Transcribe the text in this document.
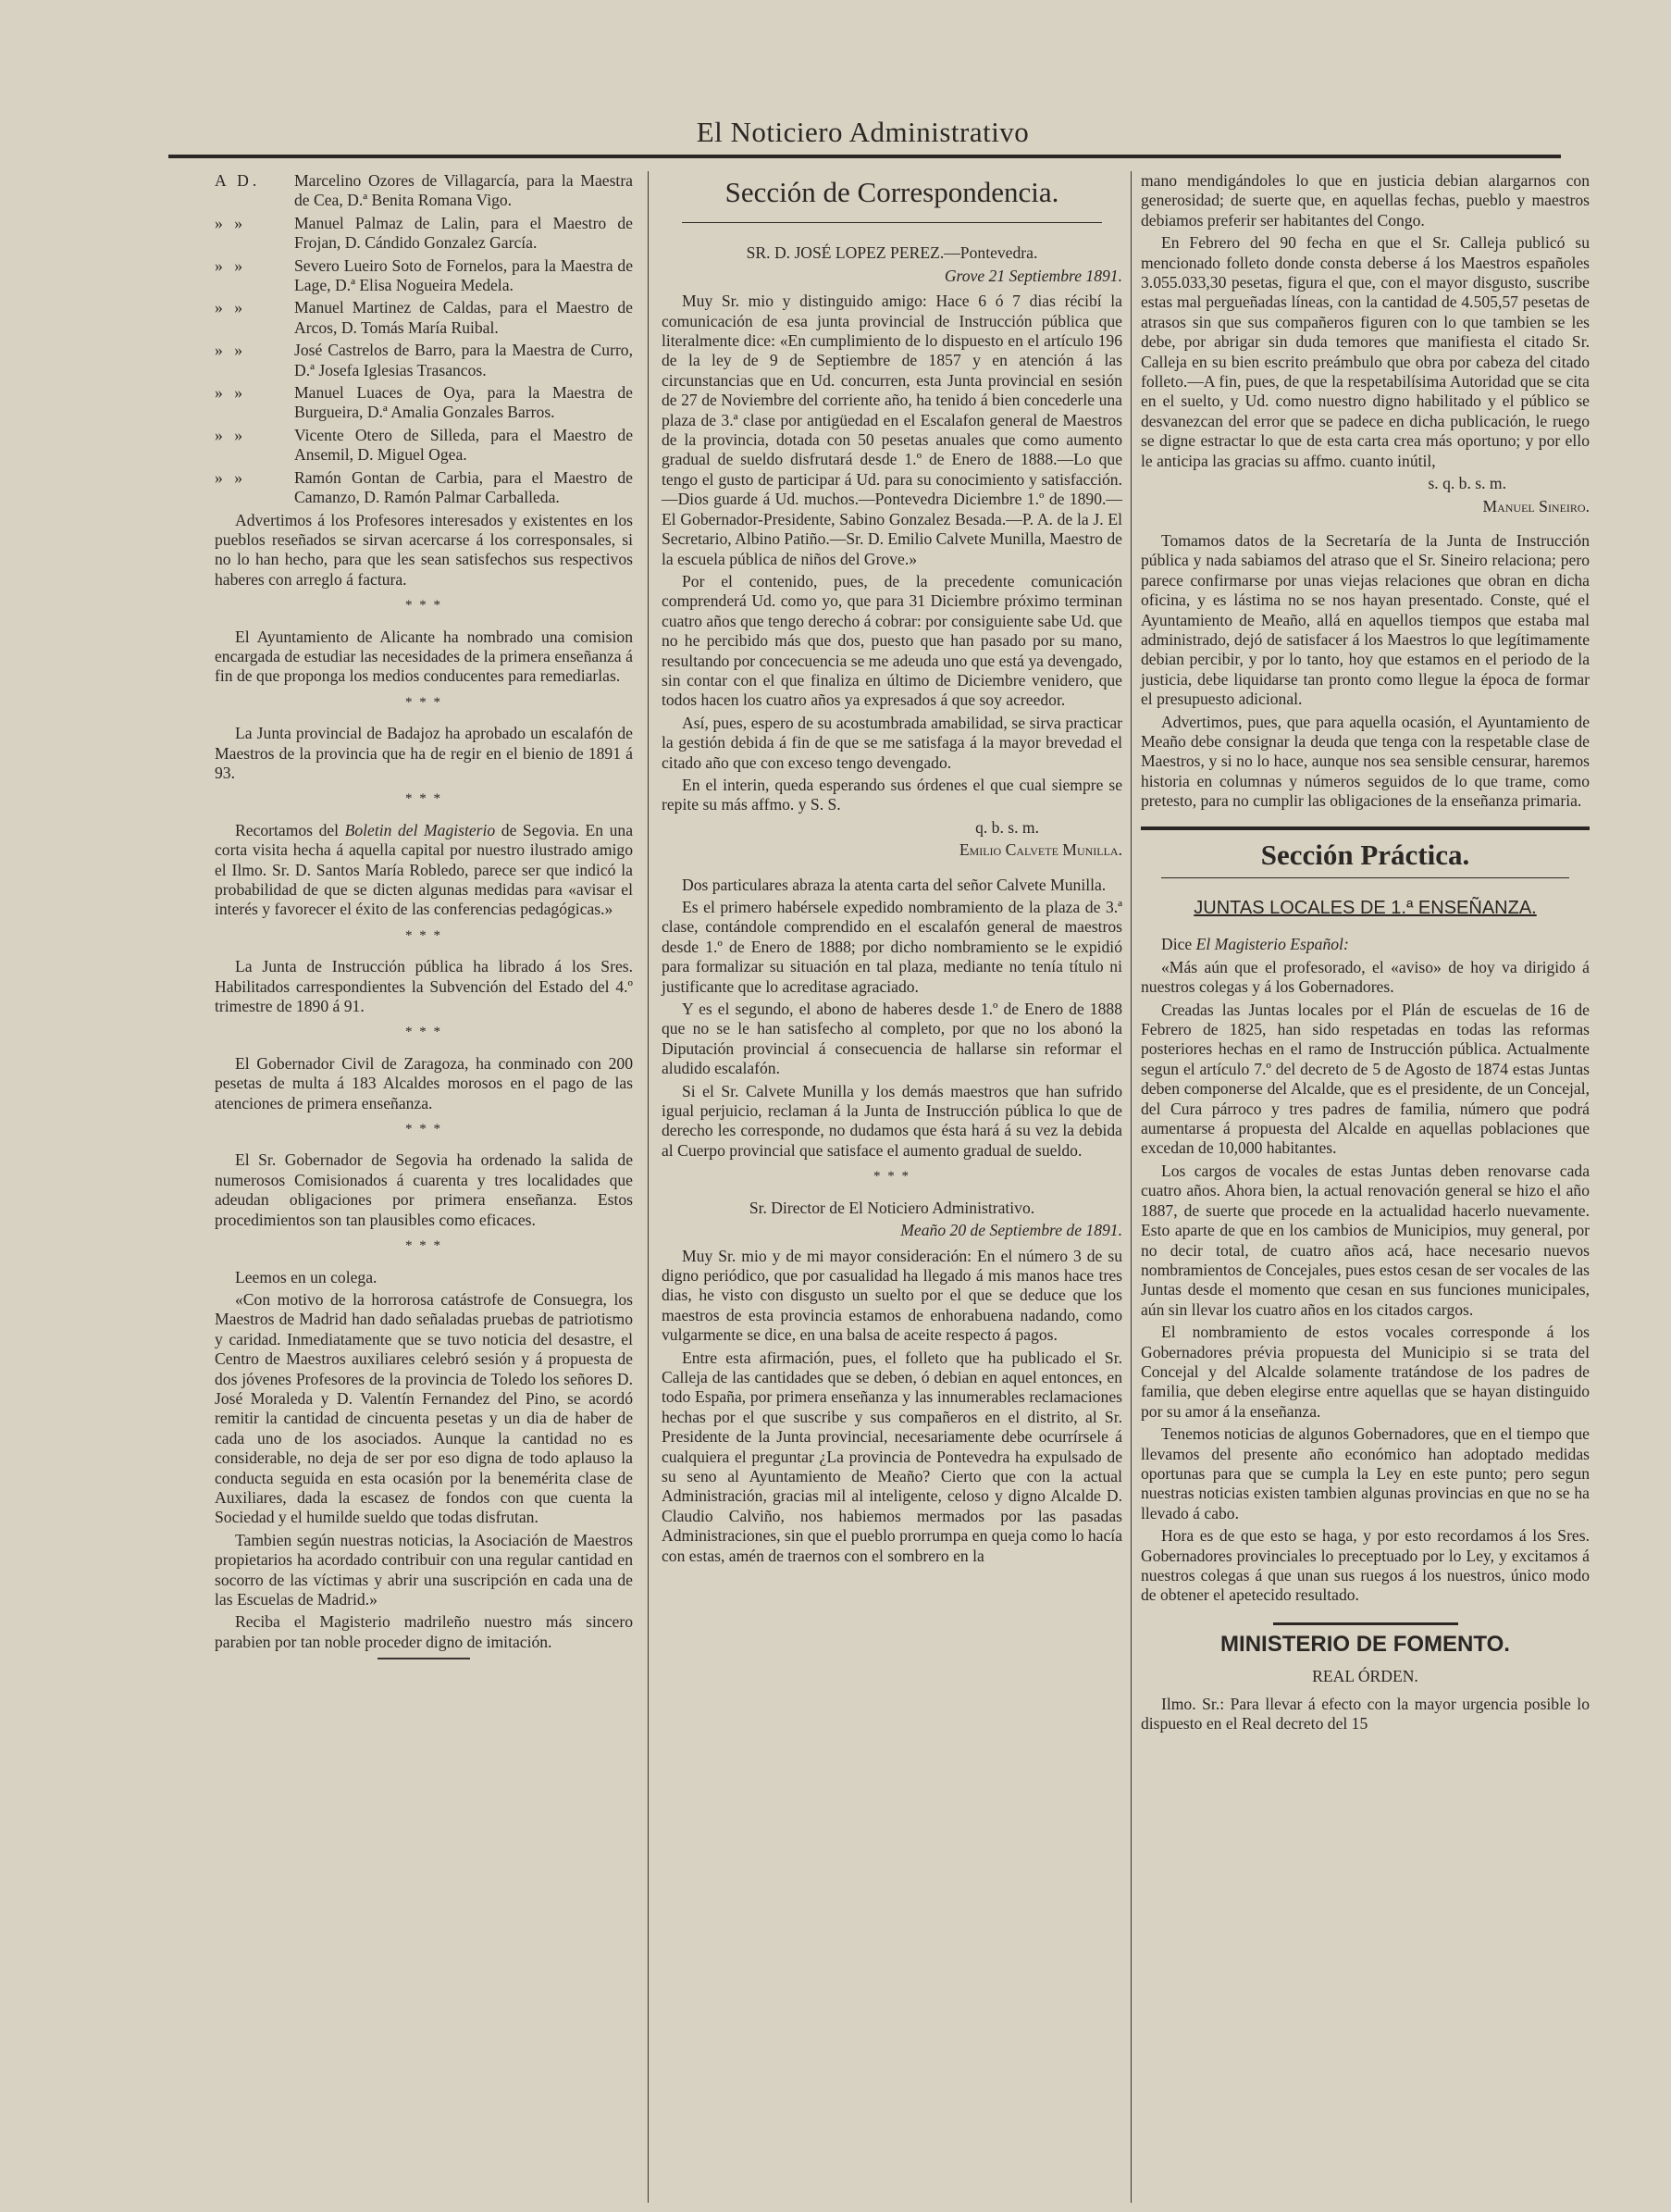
El Noticiero Administrativo
A D. Marcelino Ozores de Villagarcía, para la Maestra de Cea, D.ª Benita Romana Vigo.
» »	Manuel Palmaz de Lalin, para el Maestro de Frojan, D. Cándido Gonzalez García.
» »	Severo Lueiro Soto de Fornelos, para la Maestra de Lage, D.ª Elisa Nogueira Medela.
» »	Manuel Martinez de Caldas, para el Maestro de Arcos, D. Tomás María Ruibal.
» »	José Castrelos de Barro, para la Maestra de Curro, D.ª Josefa Iglesias Trasancos.
» »	Manuel Luaces de Oya, para la Maestra de Burgueira, D.ª Amalia Gonzales Barros.
» »	Vicente Otero de Silleda, para el Maestro de Ansemil, D. Miguel Ogea.
» »	Ramón Gontan de Carbia, para el Maestro de Camanzo, D. Ramón Palmar Carballeda.

Advertimos á los Profesores interesados y existentes en los pueblos reseñados se sirvan acercarse á los corresponsales, si no lo han hecho, para que les sean satisfechos sus respectivos haberes con arreglo á factura.

* * *

El Ayuntamiento de Alicante ha nombrado una comision encargada de estudiar las necesidades de la primera enseñanza á fin de que proponga los medios conducentes para remediarlas.

* * *

La Junta provincial de Badajoz ha aprobado un escalafón de Maestros de la provincia que ha de regir en el bienio de 1891 á 93.

* * *

Recortamos del Boletin del Magisterio de Segovia. En una corta visita hecha á aquella capital por nuestro ilustrado amigo el Ilmo. Sr. D. Santos María Robledo, parece ser que indicó la probabilidad de que se dicten algunas medidas para «avisar el interés y favorecer el éxito de las conferencias pedagógicas.»

* * *

La Junta de Instrucción pública ha librado á los Sres. Habilitados carrespondientes la Subvención del Estado del 4.º trimestre de 1890 á 91.

* * *

El Gobernador Civil de Zaragoza, ha conminado con 200 pesetas de multa á 183 Alcaldes morosos en el pago de las atenciones de primera enseñanza.

* * *

El Sr. Gobernador de Segovia ha ordenado la salida de numerosos Comisionados á cuarenta y tres localidades que adeudan obligaciones por primera enseñanza. Estos procedimientos son tan plausibles como eficaces.

* * *

Leemos en un colega.

«Con motivo de la horrorosa catástrofe de Consuegra, los Maestros de Madrid han dado señaladas pruebas de patriotismo y caridad. Inmediatamente que se tuvo noticia del desastre, el Centro de Maestros auxiliares celebró sesión y á propuesta de dos jóvenes Profesores de la provincia de Toledo los señores D. José Moraleda y D. Valentín Fernandez del Pino, se acordó remitir la cantidad de cincuenta pesetas y un dia de haber de cada uno de los asociados. Aunque la cantidad no es considerable, no deja de ser por eso digna de todo aplauso la conducta seguida en esta ocasión por la benemérita clase de Auxiliares, dada la escasez de fondos con que cuenta la Sociedad y el humilde sueldo que todas disfrutan.

Tambien según nuestras noticias, la Asociación de Maestros propietarios ha acordado contribuir con una regular cantidad en socorro de las víctimas y abrir una suscripción en cada una de las Escuelas de Madrid.»

Reciba el Magisterio madrileño nuestro más sincero parabien por tan noble proceder digno de imitación.

Sección de Correspondencia.

SR. D. JOSÉ LOPEZ PEREZ.—Pontevedra.

Grove 21 Septiembre 1891.

Muy Sr. mio y distinguido amigo: Hace 6 ó 7 dias récibí la comunicación de esa junta provincial de Instrucción pública que literalmente dice: «En cumplimiento de lo dispuesto en el artículo 196 de la ley de 9 de Septiembre de 1857 y en atención á las circunstancias que en Ud. concurren, esta Junta provincial en sesión de 27 de Noviembre del corriente año, ha tenido á bien concederle una plaza de 3.ª clase por antigüedad en el Escalafon general de Maestros de la provincia, dotada con 50 pesetas anuales que como aumento gradual de sueldo disfrutará desde 1.º de Enero de 1888.—Lo que tengo el gusto de participar á Ud. para su conocimiento y satisfacción.—Dios guarde á Ud. muchos.—Pontevedra Diciembre 1.º de 1890.—El Gobernador-Presidente, Sabino Gonzalez Besada.—P. A. de la J. El Secretario, Albino Patiño.—Sr. D. Emilio Calvete Munilla, Maestro de la escuela pública de niños del Grove.»

Por el contenido, pues, de la precedente comunicación comprenderá Ud. como yo, que para 31 Diciembre próximo terminan cuatro años que tengo derecho á cobrar: por consiguiente sabe Ud. que no he percibido más que dos, puesto que han pasado por su mano, resultando por concecuencia se me adeuda uno que está ya devengado, sin contar con el que finaliza en último de Diciembre venidero, que todos hacen los cuatro años ya expresados á que soy acreedor.

Así, pues, espero de su acostumbrada amabilidad, se sirva practicar la gestión debida á fin de que se me satisfaga á la mayor brevedad el citado año que con exceso tengo devengado.

En el interin, queda esperando sus órdenes el que cual siempre se repite su más affmo. y S. S.

q. b. s. m.

Emilio Calvete Munilla.

Dos particulares abraza la atenta carta del señor Calvete Munilla.

Es el primero habérsele expedido nombramiento de la plaza de 3.ª clase, contándole comprendido en el escalafón general de maestros desde 1.º de Enero de 1888; por dicho nombramiento se le expidió para formalizar su situación en tal plaza, mediante no tenía título ni justificante que lo acreditase agraciado.

Y es el segundo, el abono de haberes desde 1.º de Enero de 1888 que no se le han satisfecho al completo, por que no los abonó la Diputación provincial á consecuencia de hallarse sin reformar el aludido escalafón.

Si el Sr. Calvete Munilla y los demás maestros que han sufrido igual perjuicio, reclaman á la Junta de Instrucción pública lo que de derecho les corresponde, no dudamos que ésta hará á su vez la debida al Cuerpo provincial que satisface el aumento gradual de sueldo.

* * *

Sr. Director de El Noticiero Administrativo.

Meaño 20 de Septiembre de 1891.

Muy Sr. mio y de mi mayor consideración: En el número 3 de su digno periódico, que por casualidad ha llegado á mis manos hace tres dias, he visto con disgusto un suelto por el que se deduce que los maestros de esta provincia estamos de enhorabuena nadando, como vulgarmente se dice, en una balsa de aceite respecto á pagos.

Entre esta afirmación, pues, el folleto que ha publicado el Sr. Calleja de las cantidades que se deben, ó debian en aquel entonces, en todo España, por primera enseñanza y las innumerables reclamaciones hechas por el que suscribe y sus compañeros en el distrito, al Sr. Presidente de la Junta provincial, necesariamente debe ocurrírsele á cualquiera el preguntar ¿La provincia de Pontevedra ha expulsado de su seno al Ayuntamiento de Meaño? Cierto que con la actual Administración, gracias mil al inteligente, celoso y digno Alcalde D. Claudio Calviño, nos habiemos mermados por las pasadas Administraciones, sin que el pueblo prorrumpa en queja como lo hacía con estas, amén de traernos con el sombrero en la

mano mendigándoles lo que en justicia debian alargarnos con generosidad; de suerte que, en aquellas fechas, pueblo y maestros debiamos preferir ser habitantes del Congo.

En Febrero del 90 fecha en que el Sr. Calleja publicó su mencionado folleto donde consta deberse á los Maestros españoles 3.055.033,30 pesetas, figura el que, con el mayor disgusto, suscribe estas mal pergueñadas líneas, con la cantidad de 4.505,57 pesetas de atrasos sin que sus compañeros figuren con lo que tambien se les debe, por abrigar sin duda temores que manifiesta el citado Sr. Calleja en su bien escrito preámbulo que obra por cabeza del citado folleto.—A fin, pues, de que la respetabilísima Autoridad que se cita en el suelto, y Ud. como nuestro digno habilitado y el público se desvanezcan del error que se padece en dicha publicación, le ruego se digne estractar lo que de esta carta crea más oportuno; y por ello le anticipa las gracias su affmo. cuanto inútil,

s. q. b. s. m.

Manuel Sineiro.

Tomamos datos de la Secretaría de la Junta de Instrucción pública y nada sabiamos del atraso que el Sr. Sineiro relaciona; pero parece confirmarse por unas viejas relaciones que obran en dicha oficina, y es lástima no se nos hayan presentado. Conste, qué el Ayuntamiento de Meaño, allá en aquellos tiempos que estaba mal administrado, dejó de satisfacer á los Maestros lo que legítimamente debian percibir, y por lo tanto, hoy que estamos en el periodo de la justicia, debe liquidarse tan pronto como llegue la época de formar el presupuesto adicional.

Advertimos, pues, que para aquella ocasión, el Ayuntamiento de Meaño debe consignar la deuda que tenga con la respetable clase de Maestros, y si no lo hace, aunque nos sea sensible censurar, haremos historia en columnas y números seguidos de lo que trame, como pretesto, para no cumplir las obligaciones de la enseñanza primaria.

Sección Práctica.
JUNTAS LOCALES DE 1.ª ENSEÑANZA.

Dice El Magisterio Español:

«Más aún que el profesorado, el «aviso» de hoy va dirigido á nuestros colegas y á los Gobernadores.

Creadas las Juntas locales por el Plán de escuelas de 16 de Febrero de 1825, han sido respetadas en todas las reformas posteriores hechas en el ramo de Instrucción pública. Actualmente segun el artículo 7.º del decreto de 5 de Agosto de 1874 estas Juntas deben componerse del Alcalde, que es el presidente, de un Concejal, del Cura párroco y tres padres de familia, número que podrá aumentarse á propuesta del Alcalde en aquellas poblaciones que excedan de 10,000 habitantes.

Los cargos de vocales de estas Juntas deben renovarse cada cuatro años. Ahora bien, la actual renovación general se hizo el año 1887, de suerte que procede en la actualidad hacerlo nuevamente. Esto aparte de que en los cambios de Municipios, muy general, por no decir total, de cuatro años acá, hace necesario nuevos nombramientos de Concejales, pues estos cesan de ser vocales de las Juntas desde el momento que cesan en sus funciones municipales, aún sin llevar los cuatro años en los citados cargos.

El nombramiento de estos vocales corresponde á los Gobernadores prévia propuesta del Municipio si se trata del Concejal y del Alcalde solamente tratándose de los padres de familia, que deben elegirse entre aquellas que se hayan distinguido por su amor á la enseñanza.

Tenemos noticias de algunos Gobernadores, que en el tiempo que llevamos del presente año económico han adoptado medidas oportunas para que se cumpla la Ley en este punto; pero segun nuestras noticias existen tambien algunas provincias en que no se ha llevado á cabo.

Hora es de que esto se haga, y por esto recordamos á los Sres. Gobernadores provinciales lo preceptuado por lo Ley, y excitamos á nuestros colegas á que unan sus ruegos á los nuestros, único modo de obtener el apetecido resultado.

MINISTERIO DE FOMENTO.
REAL ÓRDEN.

Ilmo. Sr.: Para llevar á efecto con la mayor urgencia posible lo dispuesto en el Real decreto del 15
